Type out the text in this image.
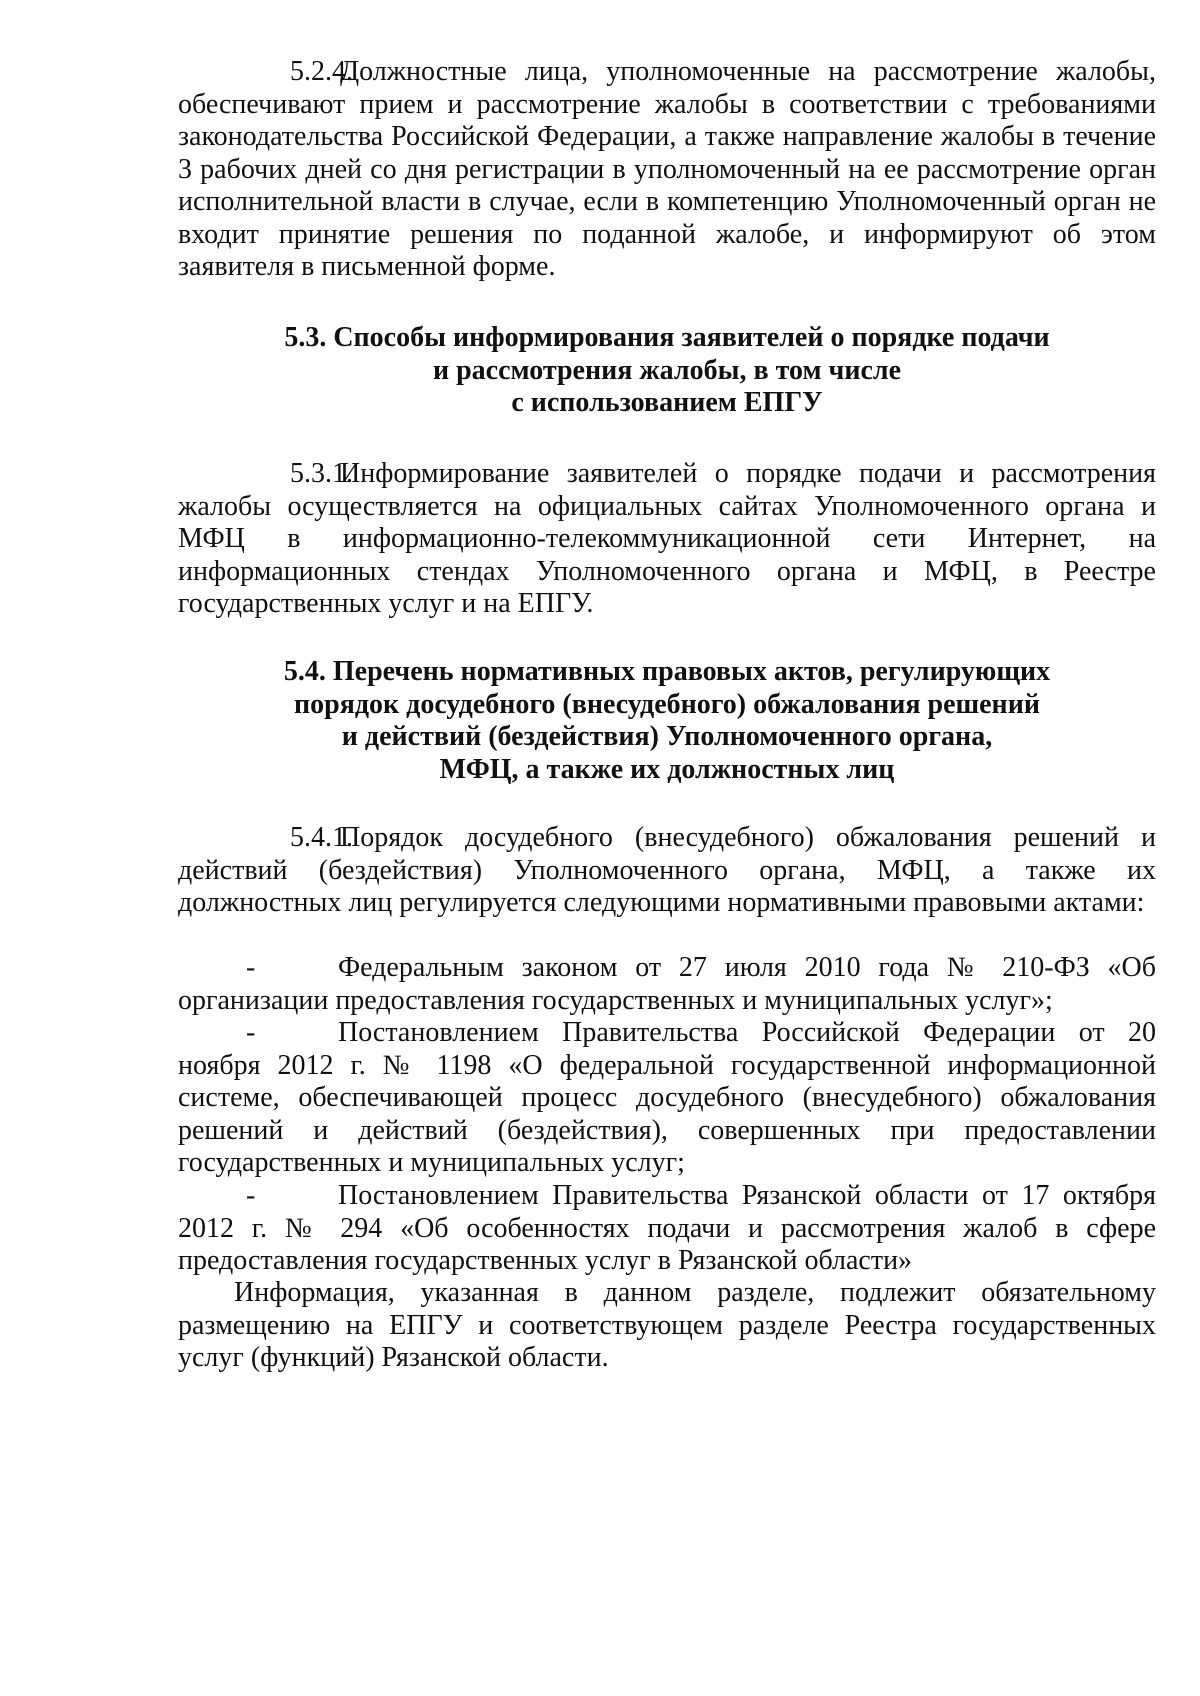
5.2.4.Должностные лица, уполномоченные на рассмотрение жалобы, обеспечивают прием и рассмотрение жалобы в соответствии с требованиями законодательства Российской Федерации, а также направление жалобы в течение 3 рабочих дней со дня регистрации в уполномоченный на ее рассмотрение орган исполнительной власти в случае, если в компетенцию Уполномоченный орган не входит принятие решения по поданной жалобе, и информируют об этом заявителя в письменной форме.

5.3. Способы информирования заявителей о порядке подачи
и рассмотрения жалобы, в том числе
с использованием ЕПГУ

5.3.1.Информирование заявителей о порядке подачи и рассмотрения жалобы осуществляется на официальных сайтах Уполномоченного органа и МФЦ в информационно-телекоммуникационной сети Интернет, на информационных стендах Уполномоченного органа и МФЦ, в Реестре государственных услуг и на ЕПГУ.

5.4. Перечень нормативных правовых актов, регулирующих
порядок досудебного (внесудебного) обжалования решений
и действий (бездействия) Уполномоченного органа,
МФЦ, а также их должностных лиц

5.4.1.Порядок досудебного (внесудебного) обжалования решений и действий (бездействия) Уполномоченного органа, МФЦ, а также их должностных лиц регулируется следующими нормативными правовыми актами:

-	Федеральным законом от 27 июля 2010 года № 210-ФЗ «Об организации предоставления государственных и муниципальных услуг»;
-	Постановлением Правительства Российской Федерации от 20 ноября 2012 г. № 1198 «О федеральной государственной информационной системе, обеспечивающей процесс досудебного (внесудебного) обжалования решений и действий (бездействия), совершенных при предоставлении государственных и муниципальных услуг;
-	Постановлением Правительства Рязанской области от 17 октября 2012 г. № 294 «Об особенностях подачи и рассмотрения жалоб в сфере предоставления государственных услуг в Рязанской области»

Информация, указанная в данном разделе, подлежит обязательному размещению на ЕПГУ и соответствующем разделе Реестра государственных услуг (функций) Рязанской области.
